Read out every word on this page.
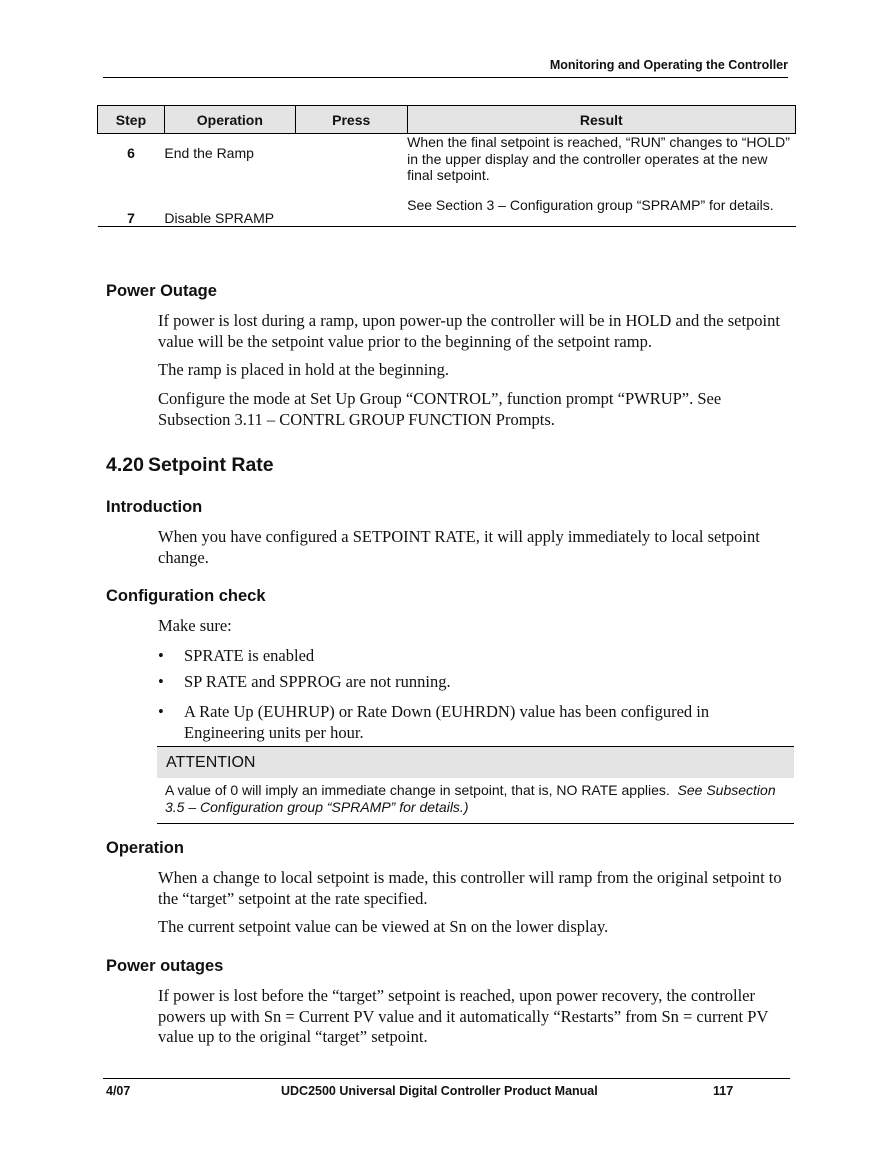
Monitoring and Operating the Controller
Step	Operation	Press	Result
6	End the Ramp		When the final setpoint is reached, “RUN” changes to “HOLD” in the upper display and the controller operates at the new final setpoint.
7	Disable SPRAMP		See Section 3 – Configuration group “SPRAMP” for details.
Power Outage
If power is lost during a ramp, upon power-up the controller will be in HOLD and the setpoint value will be the setpoint value prior to the beginning of the setpoint ramp.
The ramp is placed in hold at the beginning.
Configure the mode at Set Up Group “CONTROL”, function prompt “PWRUP”. See Subsection 3.11 – CONTRL GROUP FUNCTION Prompts.
4.20 Setpoint Rate
Introduction
When you have configured a SETPOINT RATE, it will apply immediately to local setpoint change.
Configuration check
Make sure:
• SPRATE is enabled
• SP RATE and SPPROG are not running.
• A Rate Up (EUHRUP) or Rate Down (EUHRDN) value has been configured in Engineering units per hour.
ATTENTION
A value of 0 will imply an immediate change in setpoint, that is, NO RATE applies. See Subsection 3.5 – Configuration group “SPRAMP” for details.)
Operation
When a change to local setpoint is made, this controller will ramp from the original setpoint to the “target” setpoint at the rate specified.
The current setpoint value can be viewed at Sn on the lower display.
Power outages
If power is lost before the “target” setpoint is reached, upon power recovery, the controller powers up with Sn = Current PV value and it automatically “Restarts” from Sn = current PV value up to the original “target” setpoint.
4/07	UDC2500 Universal Digital Controller Product Manual	117
